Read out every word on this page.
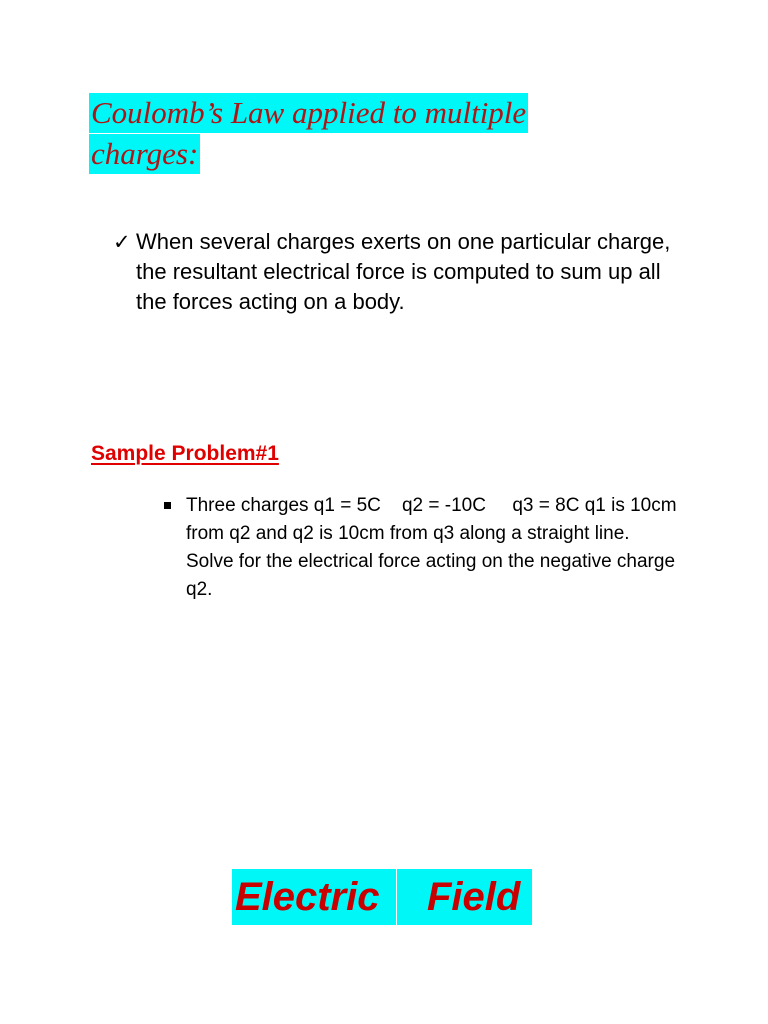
Coulomb’s Law applied to multiple charges:
✓ When several charges exerts on one particular charge, the resultant electrical force is computed to sum up all the forces acting on a body.
Sample Problem#1
Three charges q1 = 5C    q2 = -10C     q3 = 8C q1 is 10cm from q2 and q2 is 10cm from q3 along a straight line. Solve for the electrical force acting on the negative charge q2.
Electric	Field
